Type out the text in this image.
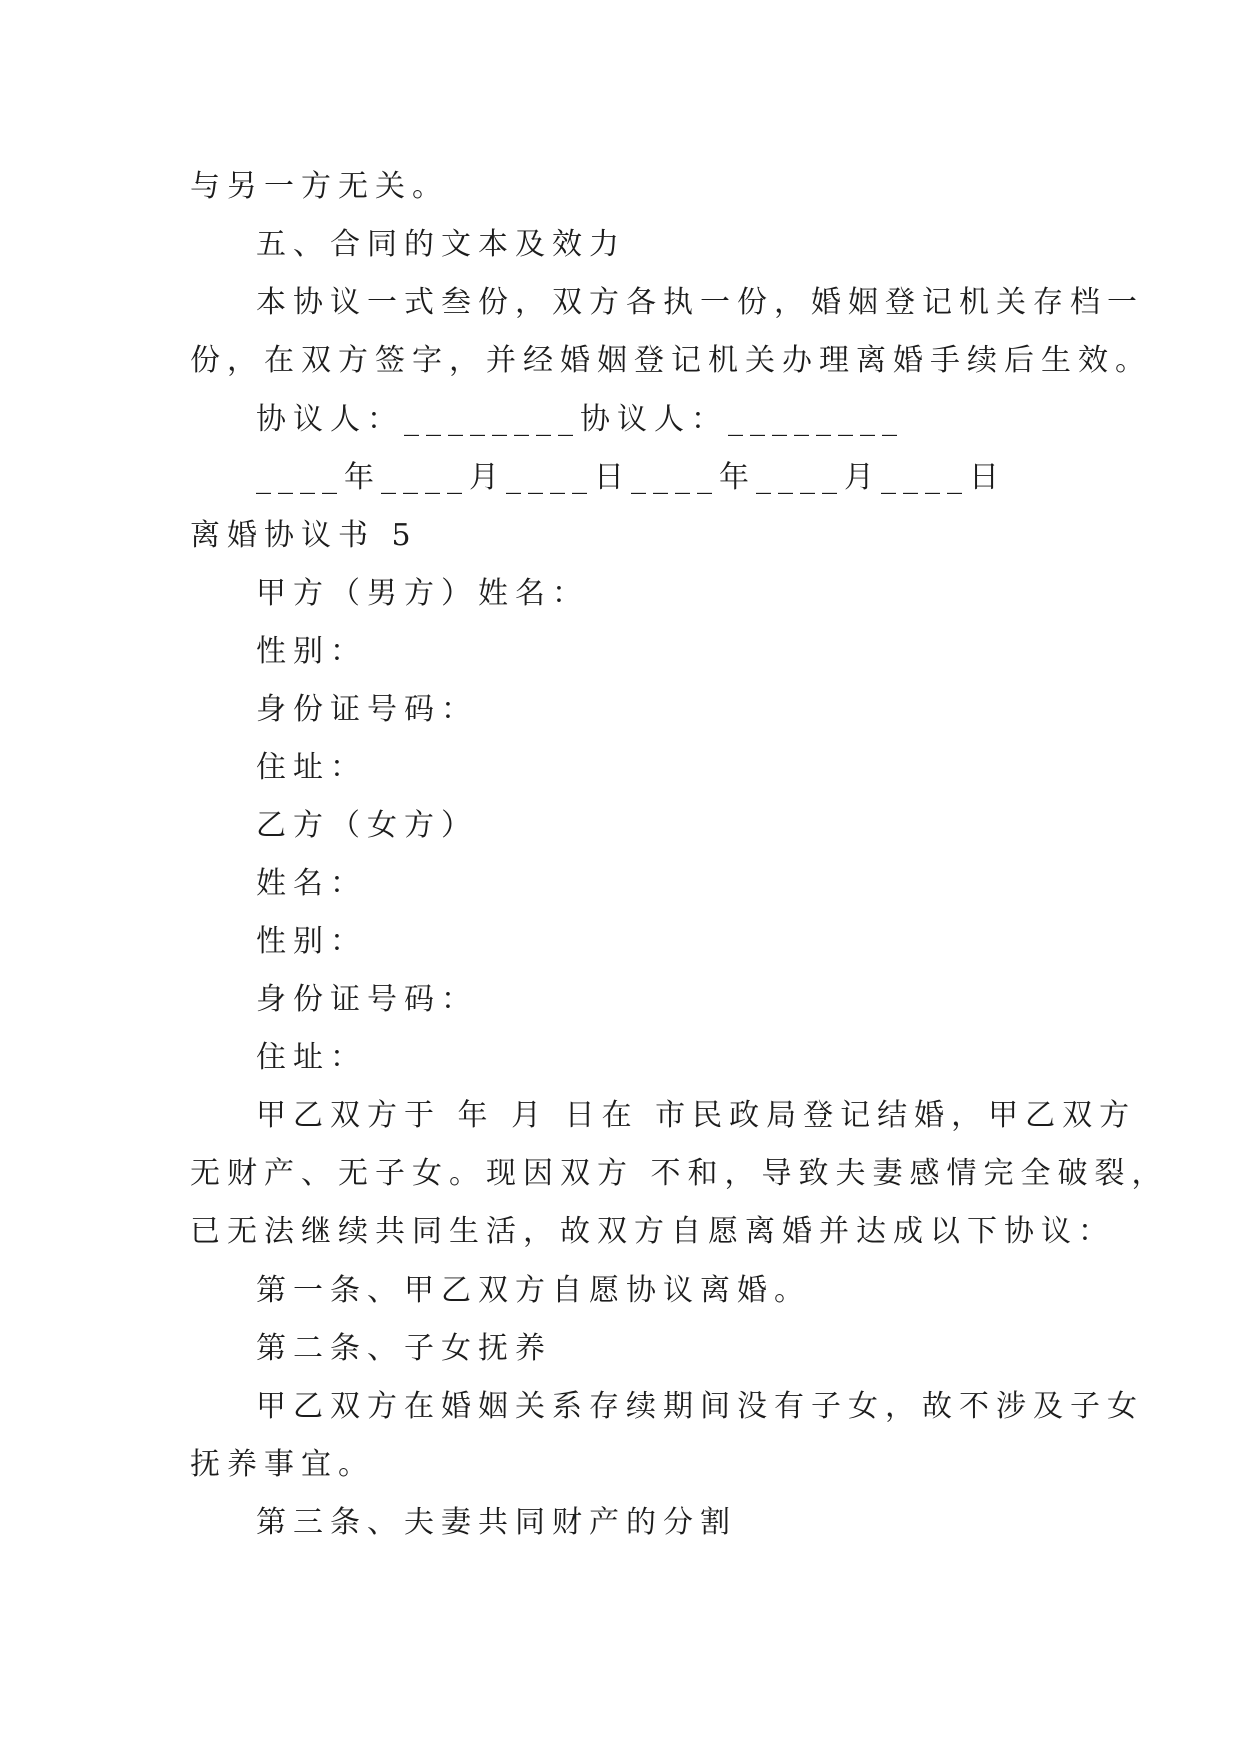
与另一方无关。
五、合同的文本及效力
本协议一式叁份，双方各执一份，婚姻登记机关存档一
份，在双方签字，并经婚姻登记机关办理离婚手续后生效。
协议人：________协议人：________
____年____月____日____年____月____日
离婚协议书 5
甲方（男方）姓名：
性别：
身份证号码：
住址：
乙方（女方）
姓名：
性别：
身份证号码：
住址：
甲乙双方于 年 月 日在 市民政局登记结婚，甲乙双方
无财产、无子女。现因双方 不和，导致夫妻感情完全破裂，
已无法继续共同生活，故双方自愿离婚并达成以下协议：
第一条、甲乙双方自愿协议离婚。
第二条、子女抚养
甲乙双方在婚姻关系存续期间没有子女，故不涉及子女
抚养事宜。
第三条、夫妻共同财产的分割
